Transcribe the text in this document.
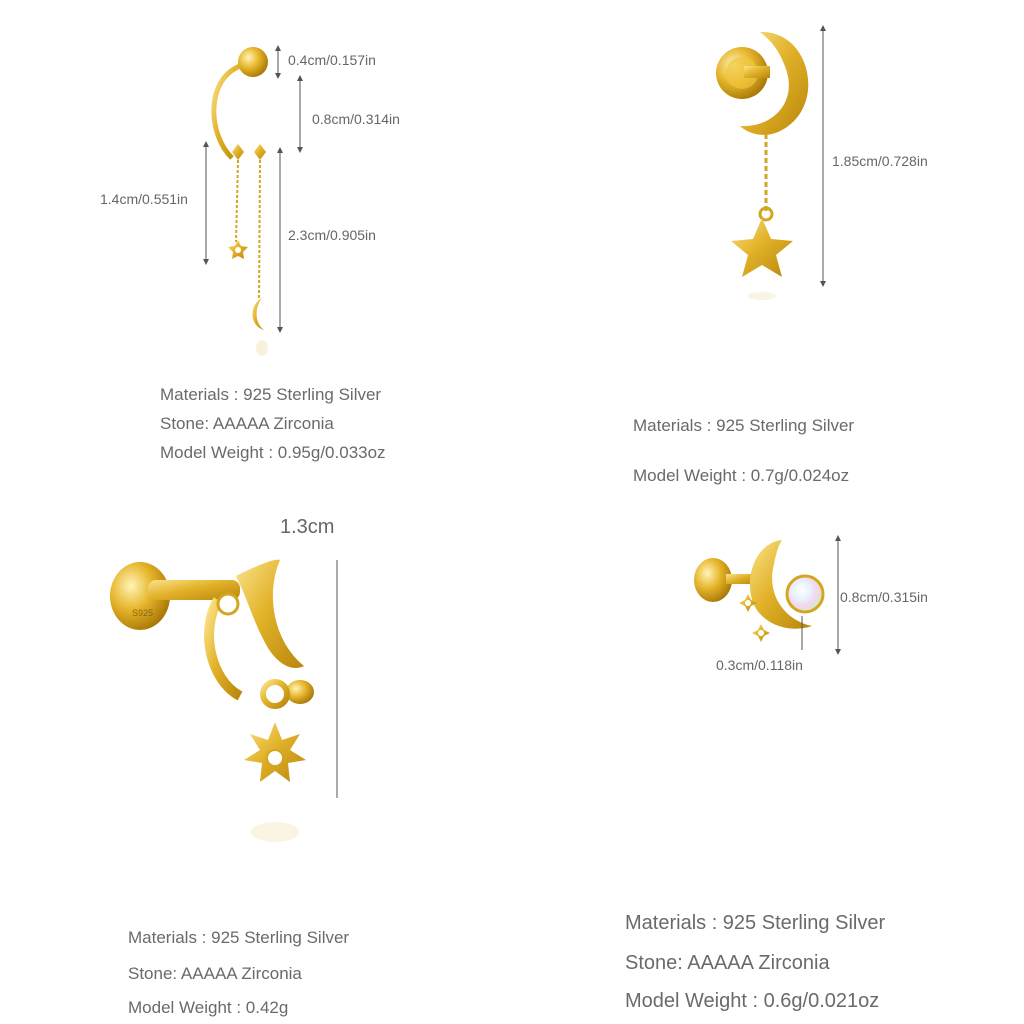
0.4cm/0.157in
0.8cm/0.314in
1.4cm/0.551in
2.3cm/0.905in
Materials : 925 Sterling Silver
Stone: AAAAA Zirconia
Model Weight : 0.95g/0.033oz
1.85cm/0.728in
Materials : 925 Sterling Silver
Model Weight : 0.7g/0.024oz
1.3cm
S925
Materials : 925 Sterling Silver
Stone: AAAAA Zirconia
Model Weight : 0.42g
0.8cm/0.315in
0.3cm/0.118in
Materials : 925 Sterling Silver
Stone: AAAAA Zirconia
Model Weight : 0.6g/0.021oz
